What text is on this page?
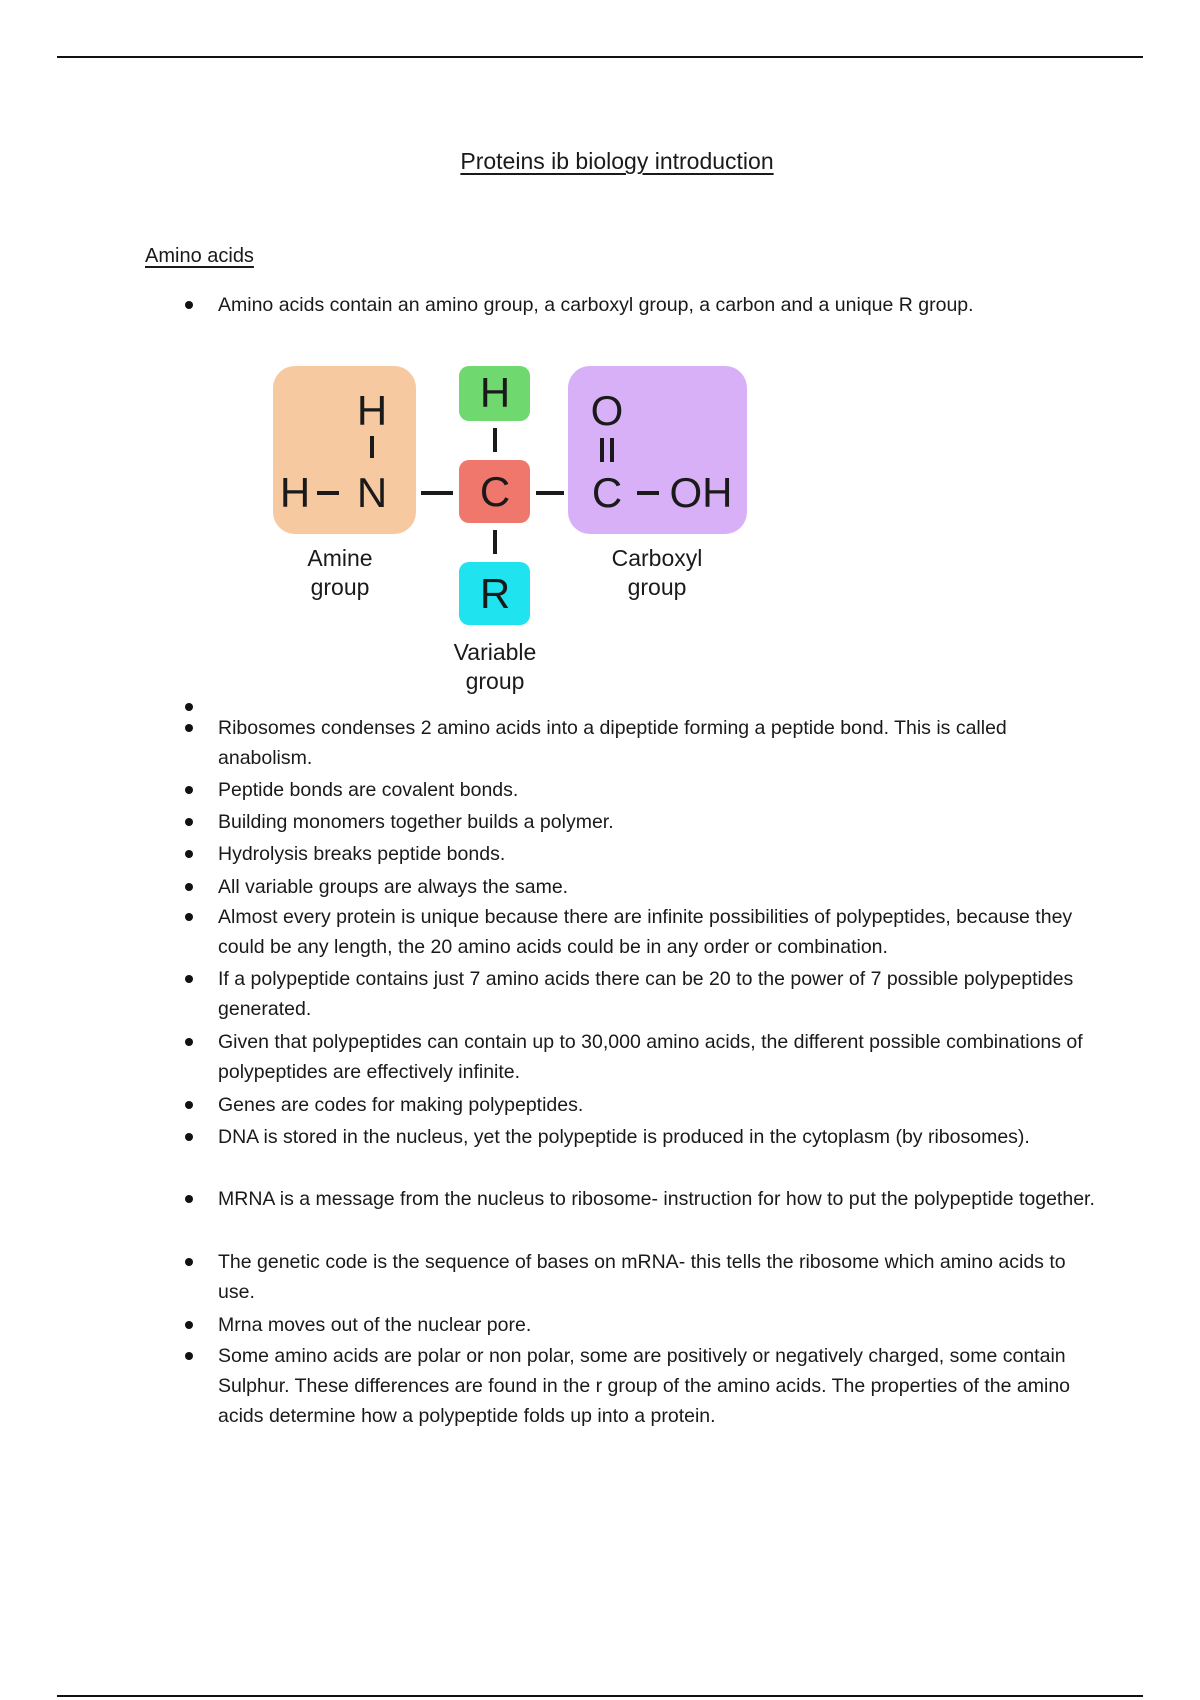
Proteins ib biology introduction
Amino acids
Amino acids contain an amino group, a carboxyl group, a carbon and a unique R group.
H
H	N
H
C
R
O
C	OH
Amine
group
Carboxyl
group
Variable
group
Ribosomes condenses 2 amino acids into a dipeptide forming a peptide bond. This is called anabolism.
Peptide bonds are covalent bonds.
Building monomers together builds a polymer.
Hydrolysis breaks peptide bonds.
All variable groups are always the same.
Almost every protein is unique because there are infinite possibilities of polypeptides, because they could be any length, the 20 amino acids could be in any order or combination.
If a polypeptide contains just 7 amino acids there can be 20 to the power of 7 possible polypeptides generated.
Given that polypeptides can contain up to 30,000 amino acids, the different possible combinations of polypeptides are effectively infinite.
Genes are codes for making polypeptides.
DNA is stored in the nucleus, yet the polypeptide is produced in the cytoplasm (by ribosomes).
MRNA is a message from the nucleus to ribosome- instruction for how to put the polypeptide together.
The genetic code is the sequence of bases on mRNA- this tells the ribosome which amino acids to use.
Mrna moves out of the nuclear pore.
Some amino acids are polar or non polar, some are positively or negatively charged, some contain Sulphur. These differences are found in the r group of the amino acids. The properties of the amino acids determine how a polypeptide folds up into a protein.
